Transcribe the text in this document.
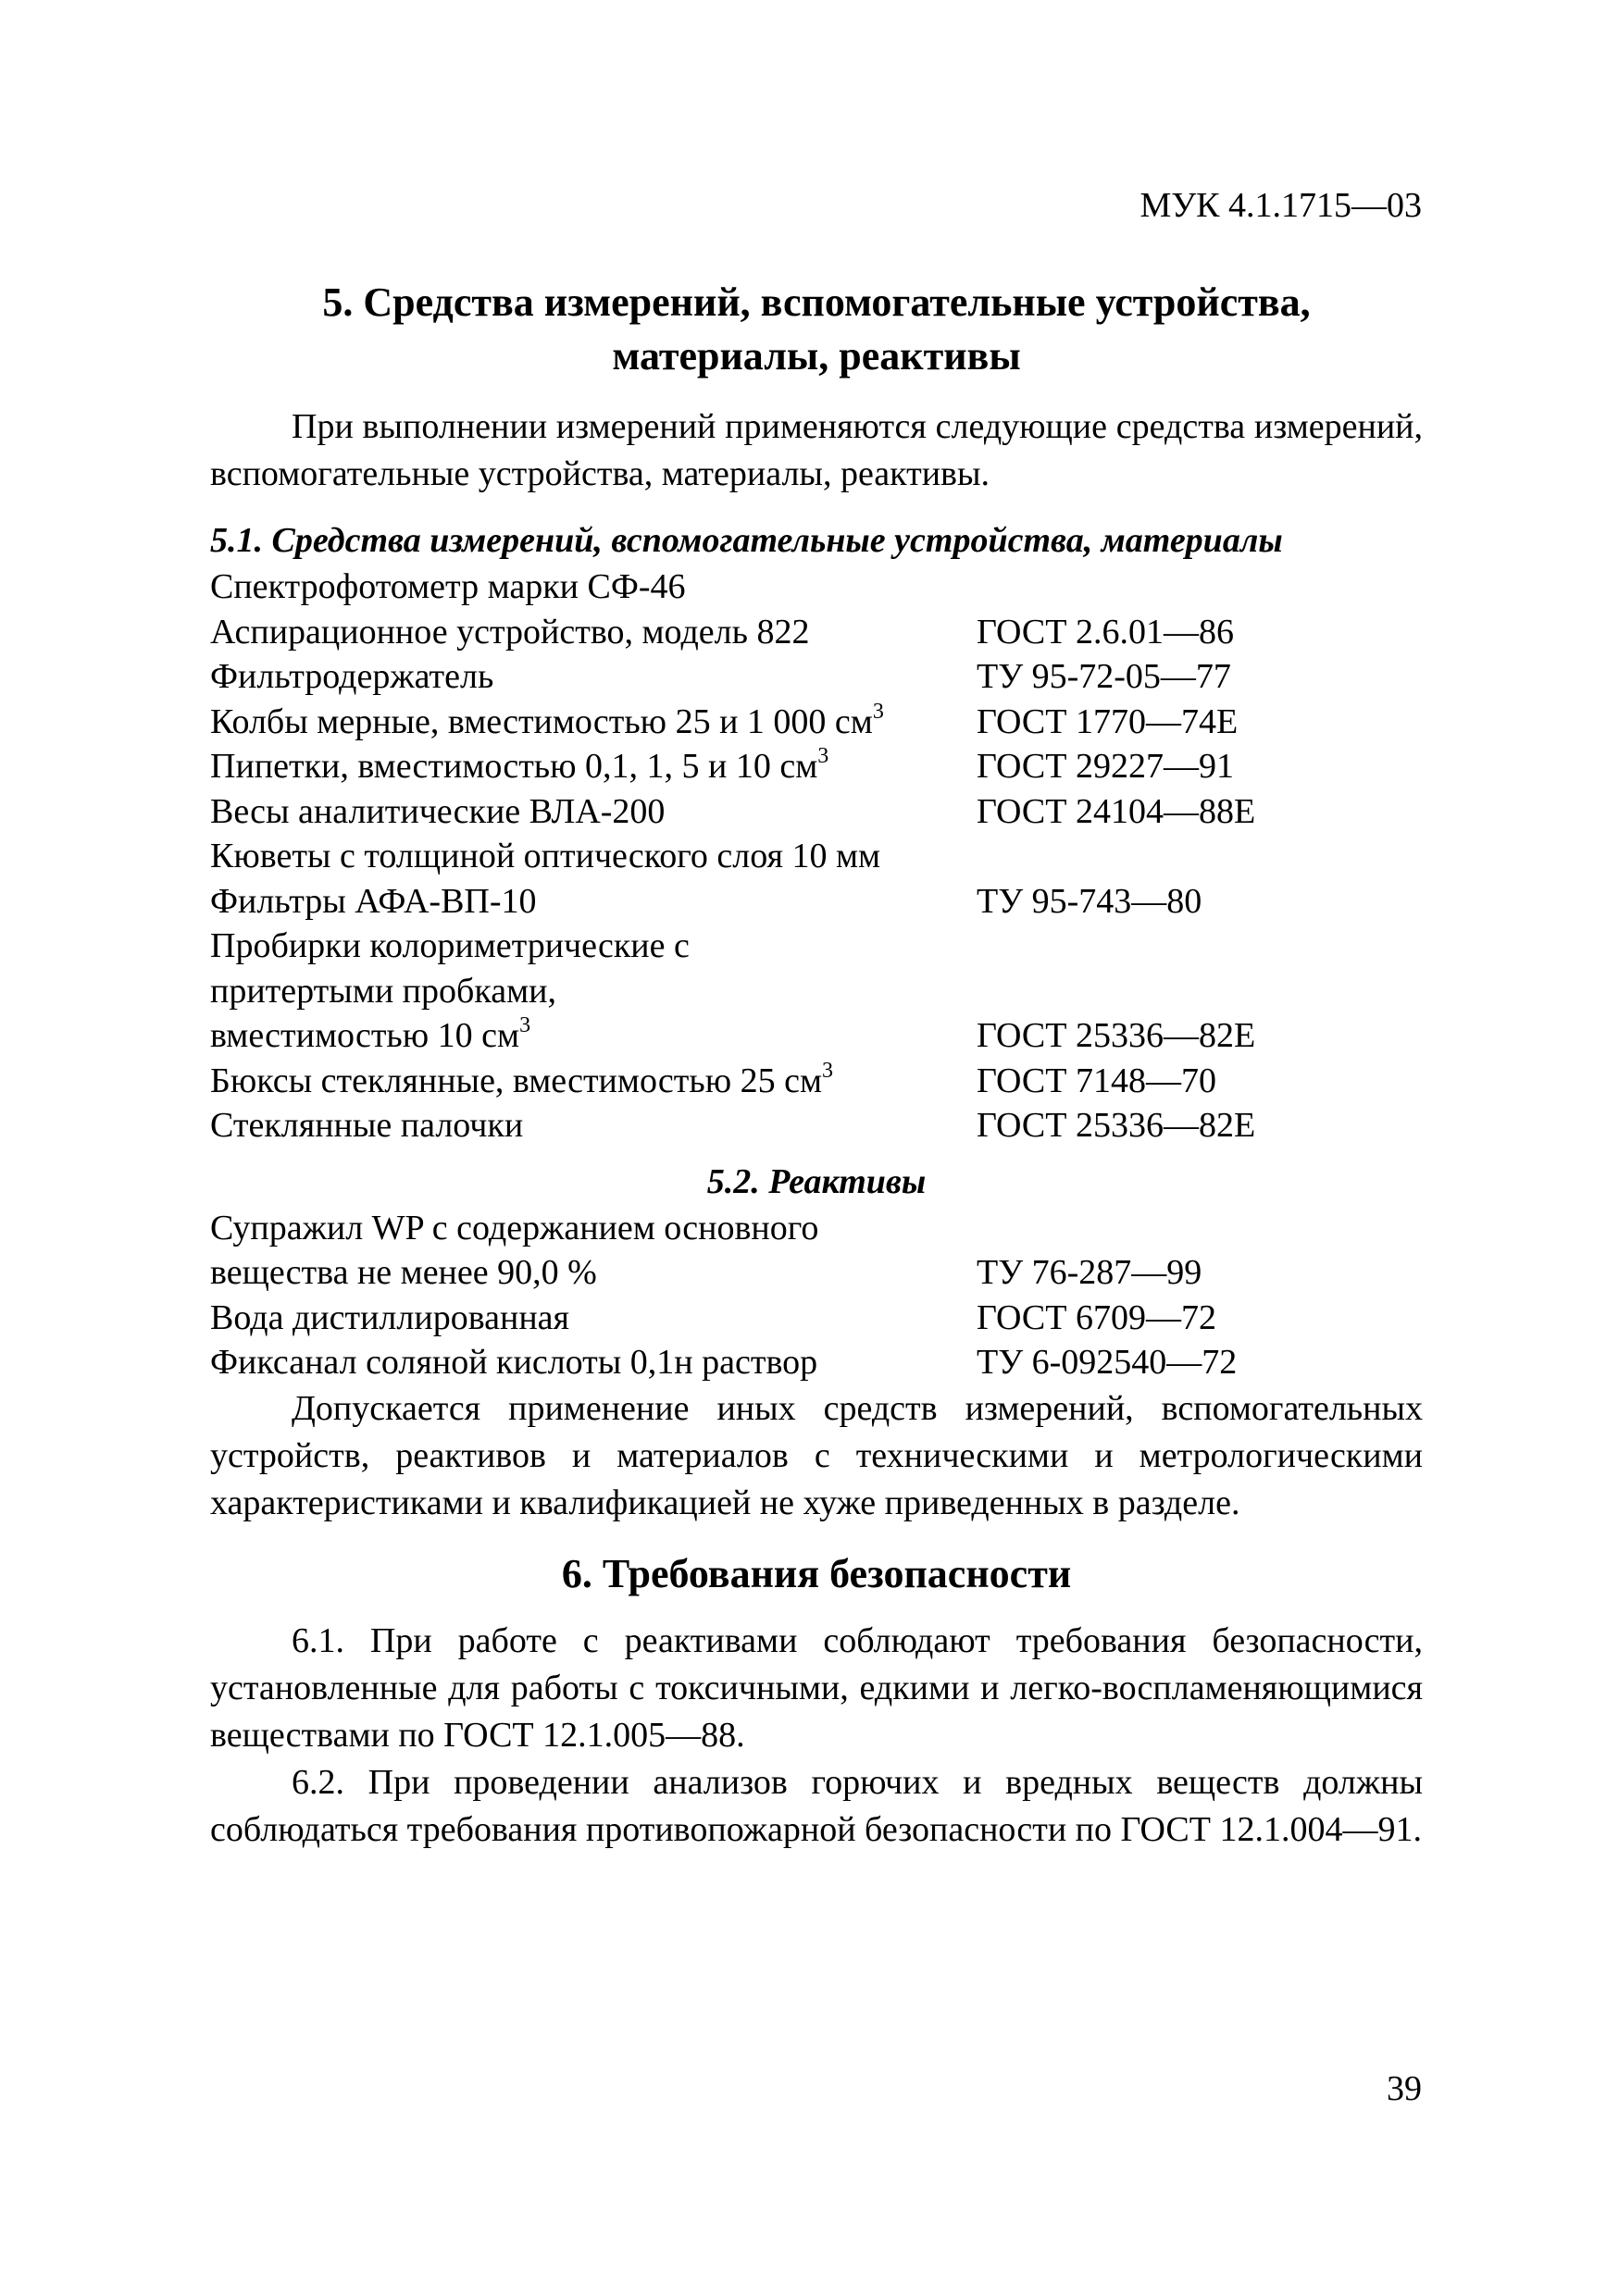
МУК 4.1.1715—03
5. Средства измерений, вспомогательные устройства,
материалы, реактивы

При выполнении измерений применяются следующие средства измерений, вспомогательные устройства, материалы, реактивы.

5.1. Средства измерений, вспомогательные устройства, материалы
Спектрофотометр марки СФ-46	
Аспирационное устройство, модель 822	ГОСТ 2.6.01—86
Фильтродержатель	ТУ 95-72-05—77
Колбы мерные, вместимостью 25 и 1 000 $см^3$	ГОСТ 1770—74Е
Пипетки, вместимостью 0,1, 1, 5 и 10 $см^3$	ГОСТ 29227—91
Весы аналитические ВЛА-200	ГОСТ 24104—88Е
Кюветы с толщиной оптического слоя 10 мм	
Фильтры АФА-ВП-10	ТУ 95-743—80
Пробирки колориметрические с	
притертыми пробками,	
вместимостью 10 $см^3$	ГОСТ 25336—82Е
Бюксы стеклянные, вместимостью 25 $см^3$	ГОСТ 7148—70
Стеклянные палочки	ГОСТ 25336—82Е
5.2. Реактивы
Супражил WP с содержанием основного	
вещества не менее 90,0 %	ТУ 76-287—99
Вода дистиллированная	ГОСТ 6709—72
Фиксанал соляной кислоты 0,1н раствор	ТУ 6-092540—72

Допускается применение иных средств измерений, вспомогательных устройств, реактивов и материалов с техническими и метрологическими характеристиками и квалификацией не хуже приведенных в разделе.

6. Требования безопасности

6.1. При работе с реактивами соблюдают требования безопасности, установленные для работы с токсичными, едкими и легко-воспламеняющимися веществами по ГОСТ 12.1.005—88.

6.2. При проведении анализов горючих и вредных веществ должны соблюдаться требования противопожарной безопасности по ГОСТ 12.1.004—91.

39
